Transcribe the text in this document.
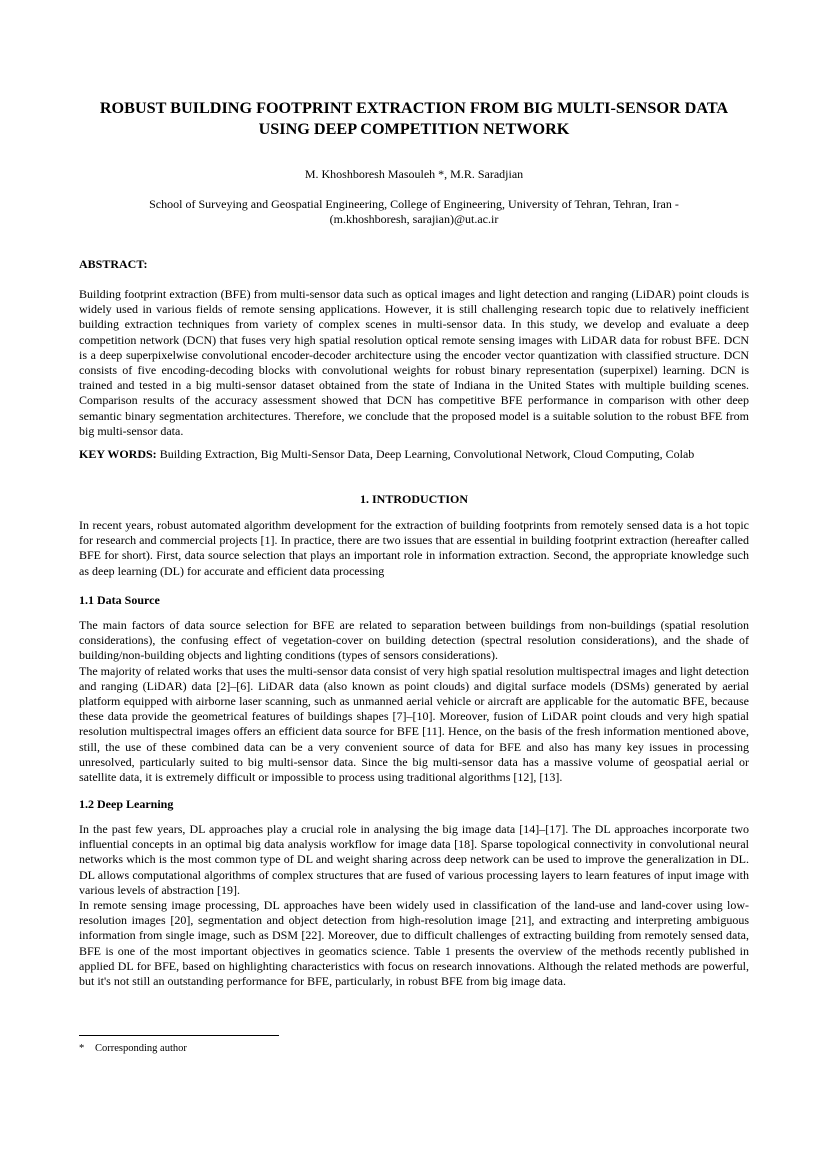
ROBUST BUILDING FOOTPRINT EXTRACTION FROM BIG MULTI-SENSOR DATA
USING DEEP COMPETITION NETWORK
M. Khoshboresh Masouleh *, M.R. Saradjian
School of Surveying and Geospatial Engineering, College of Engineering, University of Tehran, Tehran, Iran -
(m.khoshboresh, sarajian)@ut.ac.ir
ABSTRACT:

Building footprint extraction (BFE) from multi-sensor data such as optical images and light detection and ranging (LiDAR) point clouds is widely used in various fields of remote sensing applications. However, it is still challenging research topic due to relatively inefficient building extraction techniques from variety of complex scenes in multi-sensor data. In this study, we develop and evaluate a deep competition network (DCN) that fuses very high spatial resolution optical remote sensing images with LiDAR data for robust BFE. DCN is a deep superpixelwise convolutional encoder-decoder architecture using the encoder vector quantization with classified structure. DCN consists of five encoding-decoding blocks with convolutional weights for robust binary representation (superpixel) learning. DCN is trained and tested in a big multi-sensor dataset obtained from the state of Indiana in the United States with multiple building scenes. Comparison results of the accuracy assessment showed that DCN has competitive BFE performance in comparison with other deep semantic binary segmentation architectures. Therefore, we conclude that the proposed model is a suitable solution to the robust BFE from big multi-sensor data.

KEY WORDS: Building Extraction, Big Multi-Sensor Data, Deep Learning, Convolutional Network, Cloud Computing, Colab

1. INTRODUCTION

In recent years, robust automated algorithm development for the extraction of building footprints from remotely sensed data is a hot topic for research and commercial projects [1]. In practice, there are two issues that are essential in building footprint extraction (hereafter called BFE for short). First, data source selection that plays an important role in information extraction. Second, the appropriate knowledge such as deep learning (DL) for accurate and efficient data processing

1.1 Data Source

The main factors of data source selection for BFE are related to separation between buildings from non-buildings (spatial resolution considerations), the confusing effect of vegetation-cover on building detection (spectral resolution considerations), and the shade of building/non-building objects and lighting conditions (types of sensors considerations).

The majority of related works that uses the multi-sensor data consist of very high spatial resolution multispectral images and light detection and ranging (LiDAR) data [2]–[6]. LiDAR data (also known as point clouds) and digital surface models (DSMs) generated by aerial platform equipped with airborne laser scanning, such as unmanned aerial vehicle or aircraft are applicable for the automatic BFE, because these data provide the geometrical features of buildings shapes [7]–[10]. Moreover, fusion of LiDAR point clouds and very high spatial resolution multispectral images offers an efficient data source for BFE [11]. Hence, on the basis of the fresh information mentioned above, still, the use of these combined data can be a very convenient source of data for BFE and also has many key issues in processing unresolved, particularly suited to big multi-sensor data. Since the big multi-sensor data has a massive volume of geospatial aerial or satellite data, it is extremely difficult or impossible to process using traditional algorithms [12], [13].

1.2 Deep Learning

In the past few years, DL approaches play a crucial role in analysing the big image data [14]–[17]. The DL approaches incorporate two influential concepts in an optimal big data analysis workflow for image data [18]. Sparse topological connectivity in convolutional neural networks which is the most common type of DL and weight sharing across deep network can be used to improve the generalization in DL. DL allows computational algorithms of complex structures that are fused of various processing layers to learn features of input image with various levels of abstraction [19].

In remote sensing image processing, DL approaches have been widely used in classification of the land-use and land-cover using low-resolution images [20], segmentation and object detection from high-resolution image [21], and extracting and interpreting ambiguous information from single image, such as DSM [22]. Moreover, due to difficult challenges of extracting building from remotely sensed data, BFE is one of the most important objectives in geomatics science. Table 1 presents the overview of the methods recently published in applied DL for BFE, based on highlighting characteristics with focus on research innovations. Although the related methods are powerful, but it's not still an outstanding performance for BFE, particularly, in robust BFE from big image data.

* Corresponding author
